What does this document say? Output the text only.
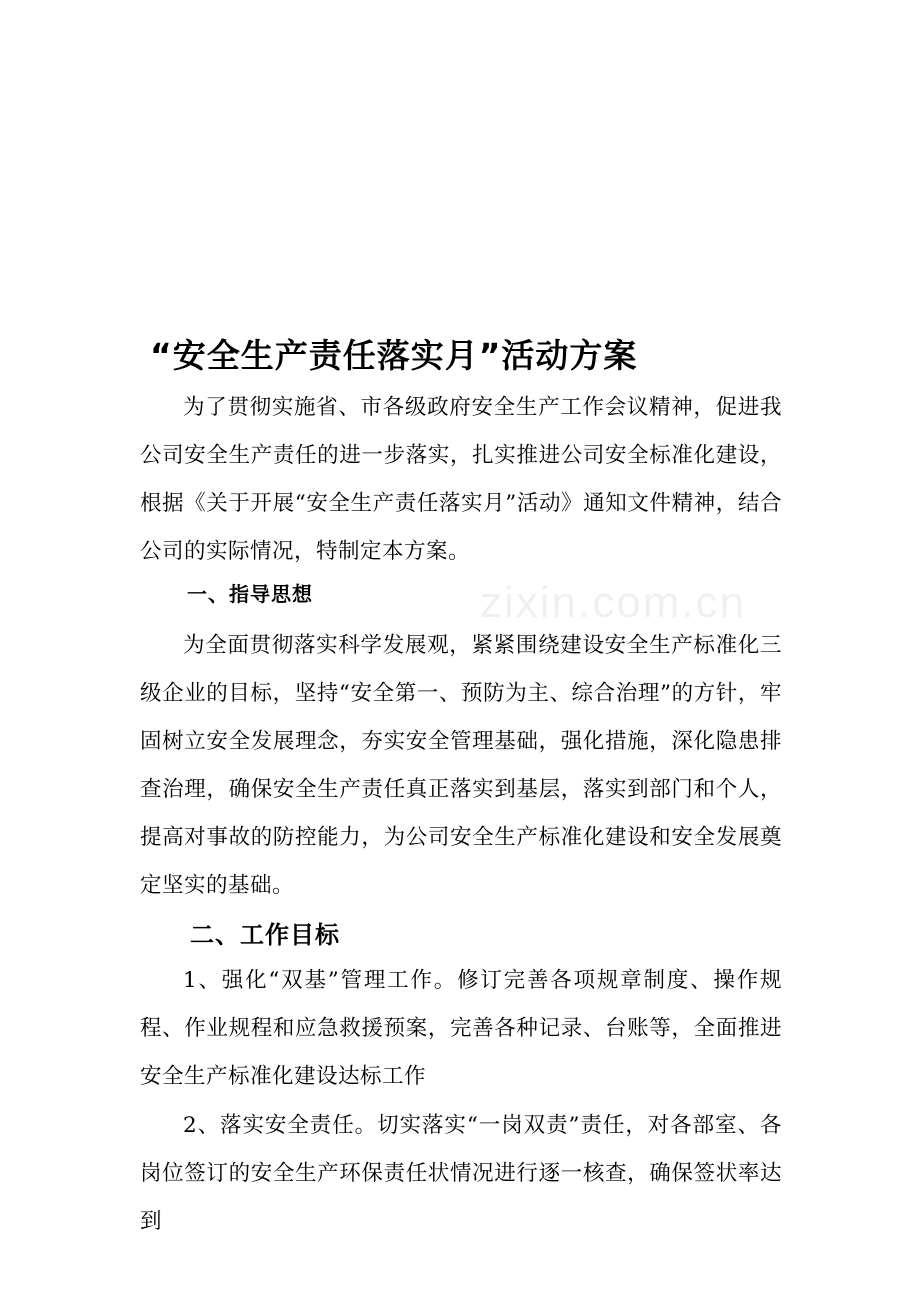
zixin.com.cn
“安全生产责任落实月”活动方案

为了贯彻实施省、市各级政府安全生产工作会议精神，促进我公司安全生产责任的进一步落实，扎实推进公司安全标准化建设，根据《关于开展“安全生产责任落实月”活动》通知文件精神，结合公司的实际情况，特制定本方案。

一、指导思想

为全面贯彻落实科学发展观，紧紧围绕建设安全生产标准化三级企业的目标，坚持“安全第一、预防为主、综合治理”的方针，牢固树立安全发展理念，夯实安全管理基础，强化措施，深化隐患排查治理，确保安全生产责任真正落实到基层，落实到部门和个人，提高对事故的防控能力，为公司安全生产标准化建设和安全发展奠定坚实的基础。

二、工作目标

1、强化“双基”管理工作。修订完善各项规章制度、操作规程、作业规程和应急救援预案，完善各种记录、台账等，全面推进安全生产标准化建设达标工作

2、落实安全责任。切实落实“一岗双责”责任，对各部室、各岗位签订的安全生产环保责任状情况进行逐一核查，确保签状率达到
